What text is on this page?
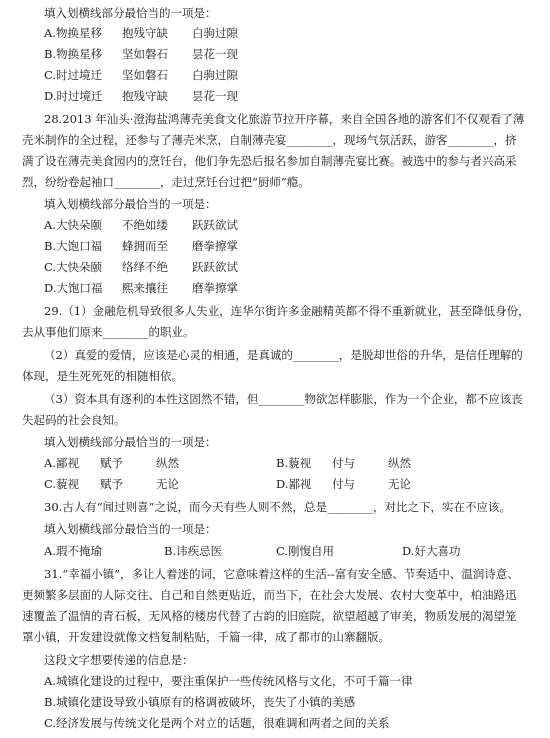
填入划横线部分最恰当的一项是：
A.物换星移 抱残守缺 白驹过隙
B.物换星移 坚如磐石 昙花一现
C.时过境迁 坚如磐石 白驹过隙
D.时过境迁 抱残守缺 昙花一现
28.2013 年汕头·澄海盐鸿薄壳美食文化旅游节拉开序幕，来自全国各地的游客们不仅观看了薄
壳米制作的全过程，还参与了薄壳米烹，自制薄壳宴________，现场气氛活跃，游客________，挤
满了设在薄壳美食园内的烹饪台，他们争先恐后报名参加自制薄壳宴比赛。被选中的参与者兴高采
烈，纷纷卷起袖口________，走过烹饪台过把“厨师”瘾。
填入划横线部分最恰当的一项是：
A.大快朵颐 不绝如缕 跃跃欲试
B.大饱口福 蜂拥而至 磨拳擦掌
C.大快朵颐 络绎不绝 跃跃欲试
D.大饱口福 熙来攘往 磨拳擦掌
29.（1）金融危机导致很多人失业，连华尔街许多金融精英都不得不重新就业，甚至降低身份，
去从事他们原来________的职业。
（2）真爱的爱情，应该是心灵的相通，是真诚的________，是脱却世俗的升华，是信任理解的
体现，是生死死死的相随相依。
（3）资本具有逐利的本性这固然不错，但________物欲怎样膨胀，作为一个企业，都不应该丧
失起码的社会良知。
填入划横线部分最恰当的一项是：
A.鄙视 赋予	纵然	B.藐视 付与	纵然
C.藐视 赋予	无论	D.鄙视 付与	无论
30.古人有“闻过则喜”之说，而今天有些人则不然，总是________，对比之下，实在不应该。
填入划横线部分最恰当的一项是：
A.瑕不掩瑜	B.讳疾忌医	C.刚愎自用	D.好大喜功
31.“幸福小镇”，多让人着迷的词，它意味着这样的生活--富有安全感、节奏适中、温润诗意、
更频繁多层面的人际交往、自己和自然更贴近，而当下，在社会大发展、农村大变革中，柏油路迅
速覆盖了温情的青石板，无风格的楼房代替了古韵的旧庭院，欲望超越了审美，物质发展的渴望笼
罩小镇，开发建设就像文档复制粘贴，千篇一律，成了都市的山寨翻版。
这段文字想要传递的信息是：
A.城镇化建设的过程中，要注重保护一些传统风格与文化，不可千篇一律
B.城镇化建设导致小镇原有的格调被破坏，丧失了小镇的美感
C.经济发展与传统文化是两个对立的话题，很难调和两者之间的关系
